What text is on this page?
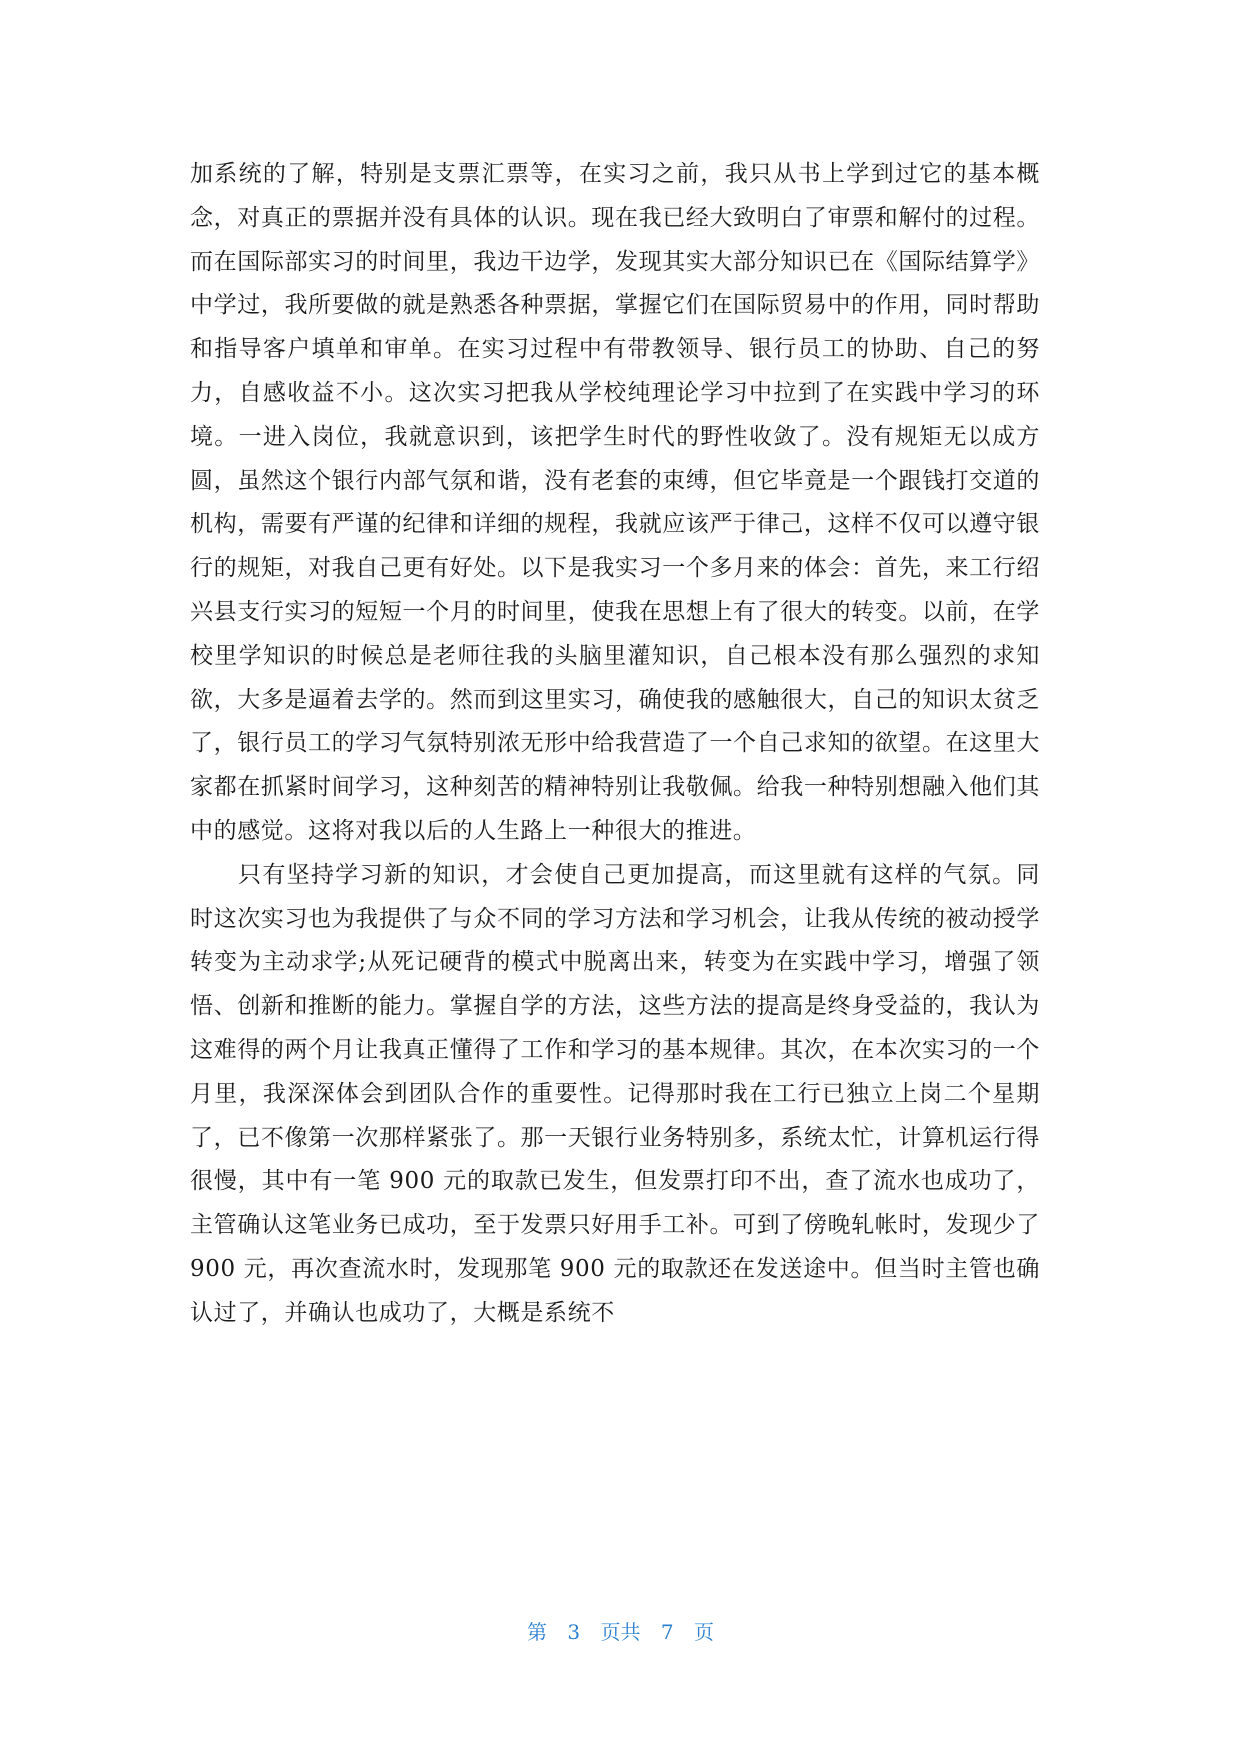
加系统的了解，特别是支票汇票等，在实习之前，我只从书上学到过它的基本概念，对真正的票据并没有具体的认识。现在我已经大致明白了审票和解付的过程。而在国际部实习的时间里，我边干边学，发现其实大部分知识已在《国际结算学》中学过，我所要做的就是熟悉各种票据，掌握它们在国际贸易中的作用，同时帮助和指导客户填单和审单。在实习过程中有带教领导、银行员工的协助、自己的努力，自感收益不小。这次实习把我从学校纯理论学习中拉到了在实践中学习的环境。一进入岗位，我就意识到，该把学生时代的野性收敛了。没有规矩无以成方圆，虽然这个银行内部气氛和谐，没有老套的束缚，但它毕竟是一个跟钱打交道的机构，需要有严谨的纪律和详细的规程，我就应该严于律己，这样不仅可以遵守银行的规矩，对我自己更有好处。以下是我实习一个多月来的体会：首先，来工行绍兴县支行实习的短短一个月的时间里，使我在思想上有了很大的转变。以前，在学校里学知识的时候总是老师往我的头脑里灌知识，自己根本没有那么强烈的求知欲，大多是逼着去学的。然而到这里实习，确使我的感触很大，自己的知识太贫乏了，银行员工的学习气氛特别浓无形中给我营造了一个自己求知的欲望。在这里大家都在抓紧时间学习，这种刻苦的精神特别让我敬佩。给我一种特别想融入他们其中的感觉。这将对我以后的人生路上一种很大的推进。

只有坚持学习新的知识，才会使自己更加提高，而这里就有这样的气氛。同时这次实习也为我提供了与众不同的学习方法和学习机会，让我从传统的被动授学转变为主动求学;从死记硬背的模式中脱离出来，转变为在实践中学习，增强了领悟、创新和推断的能力。掌握自学的方法，这些方法的提高是终身受益的，我认为这难得的两个月让我真正懂得了工作和学习的基本规律。其次，在本次实习的一个月里，我深深体会到团队合作的重要性。记得那时我在工行已独立上岗二个星期了，已不像第一次那样紧张了。那一天银行业务特别多，系统太忙，计算机运行得很慢，其中有一笔 900 元的取款已发生，但发票打印不出，查了流水也成功了，主管确认这笔业务已成功，至于发票只好用手工补。可到了傍晚轧帐时，发现少了 900 元，再次查流水时，发现那笔 900 元的取款还在发送途中。但当时主管也确认过了，并确认也成功了，大概是系统不

第 3 页共 7 页
